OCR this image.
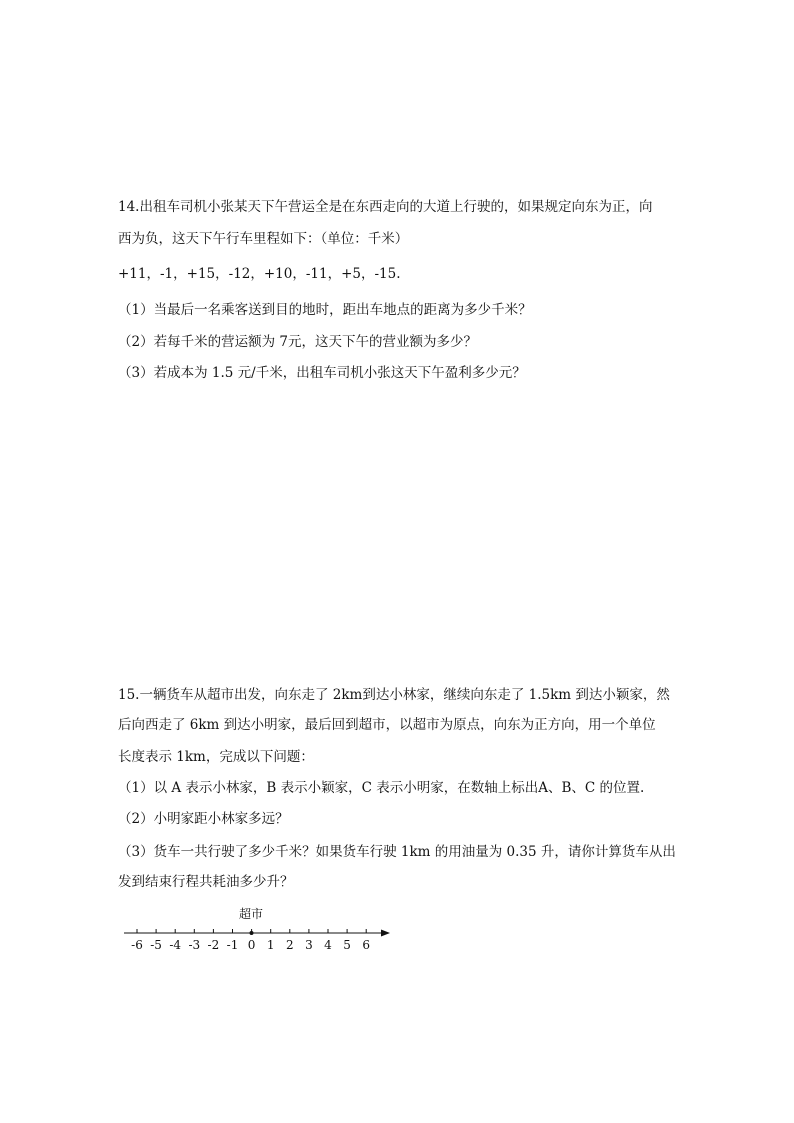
14.出租车司机小张某天下午营运全是在东西走向的大道上行驶的，如果规定向东为正，向
西为负，这天下午行车里程如下：（单位：千米）
+11，-1，+15，-12，+10，-11，+5，-15.
（1）当最后一名乘客送到目的地时，距出车地点的距离为多少千米？
（2）若每千米的营运额为 7元，这天下午的营业额为多少？
（3）若成本为 1.5 元/千米，出租车司机小张这天下午盈利多少元？
15.一辆货车从超市出发，向东走了 2km到达小林家，继续向东走了 1.5km 到达小颖家，然
后向西走了 6km 到达小明家，最后回到超市，以超市为原点，向东为正方向，用一个单位
长度表示 1km，完成以下问题：
（1）以 A 表示小林家，B 表示小颖家，C 表示小明家，在数轴上标出A、B、C 的位置.
（2）小明家距小林家多远？
（3）货车一共行驶了多少千米？如果货车行驶 1km 的用油量为 0.35 升，请你计算货车从出
发到结束行程共耗油多少升？
超市
-6 -5 -4 -3 -2 -1 0 1 2 3 4 5 6
